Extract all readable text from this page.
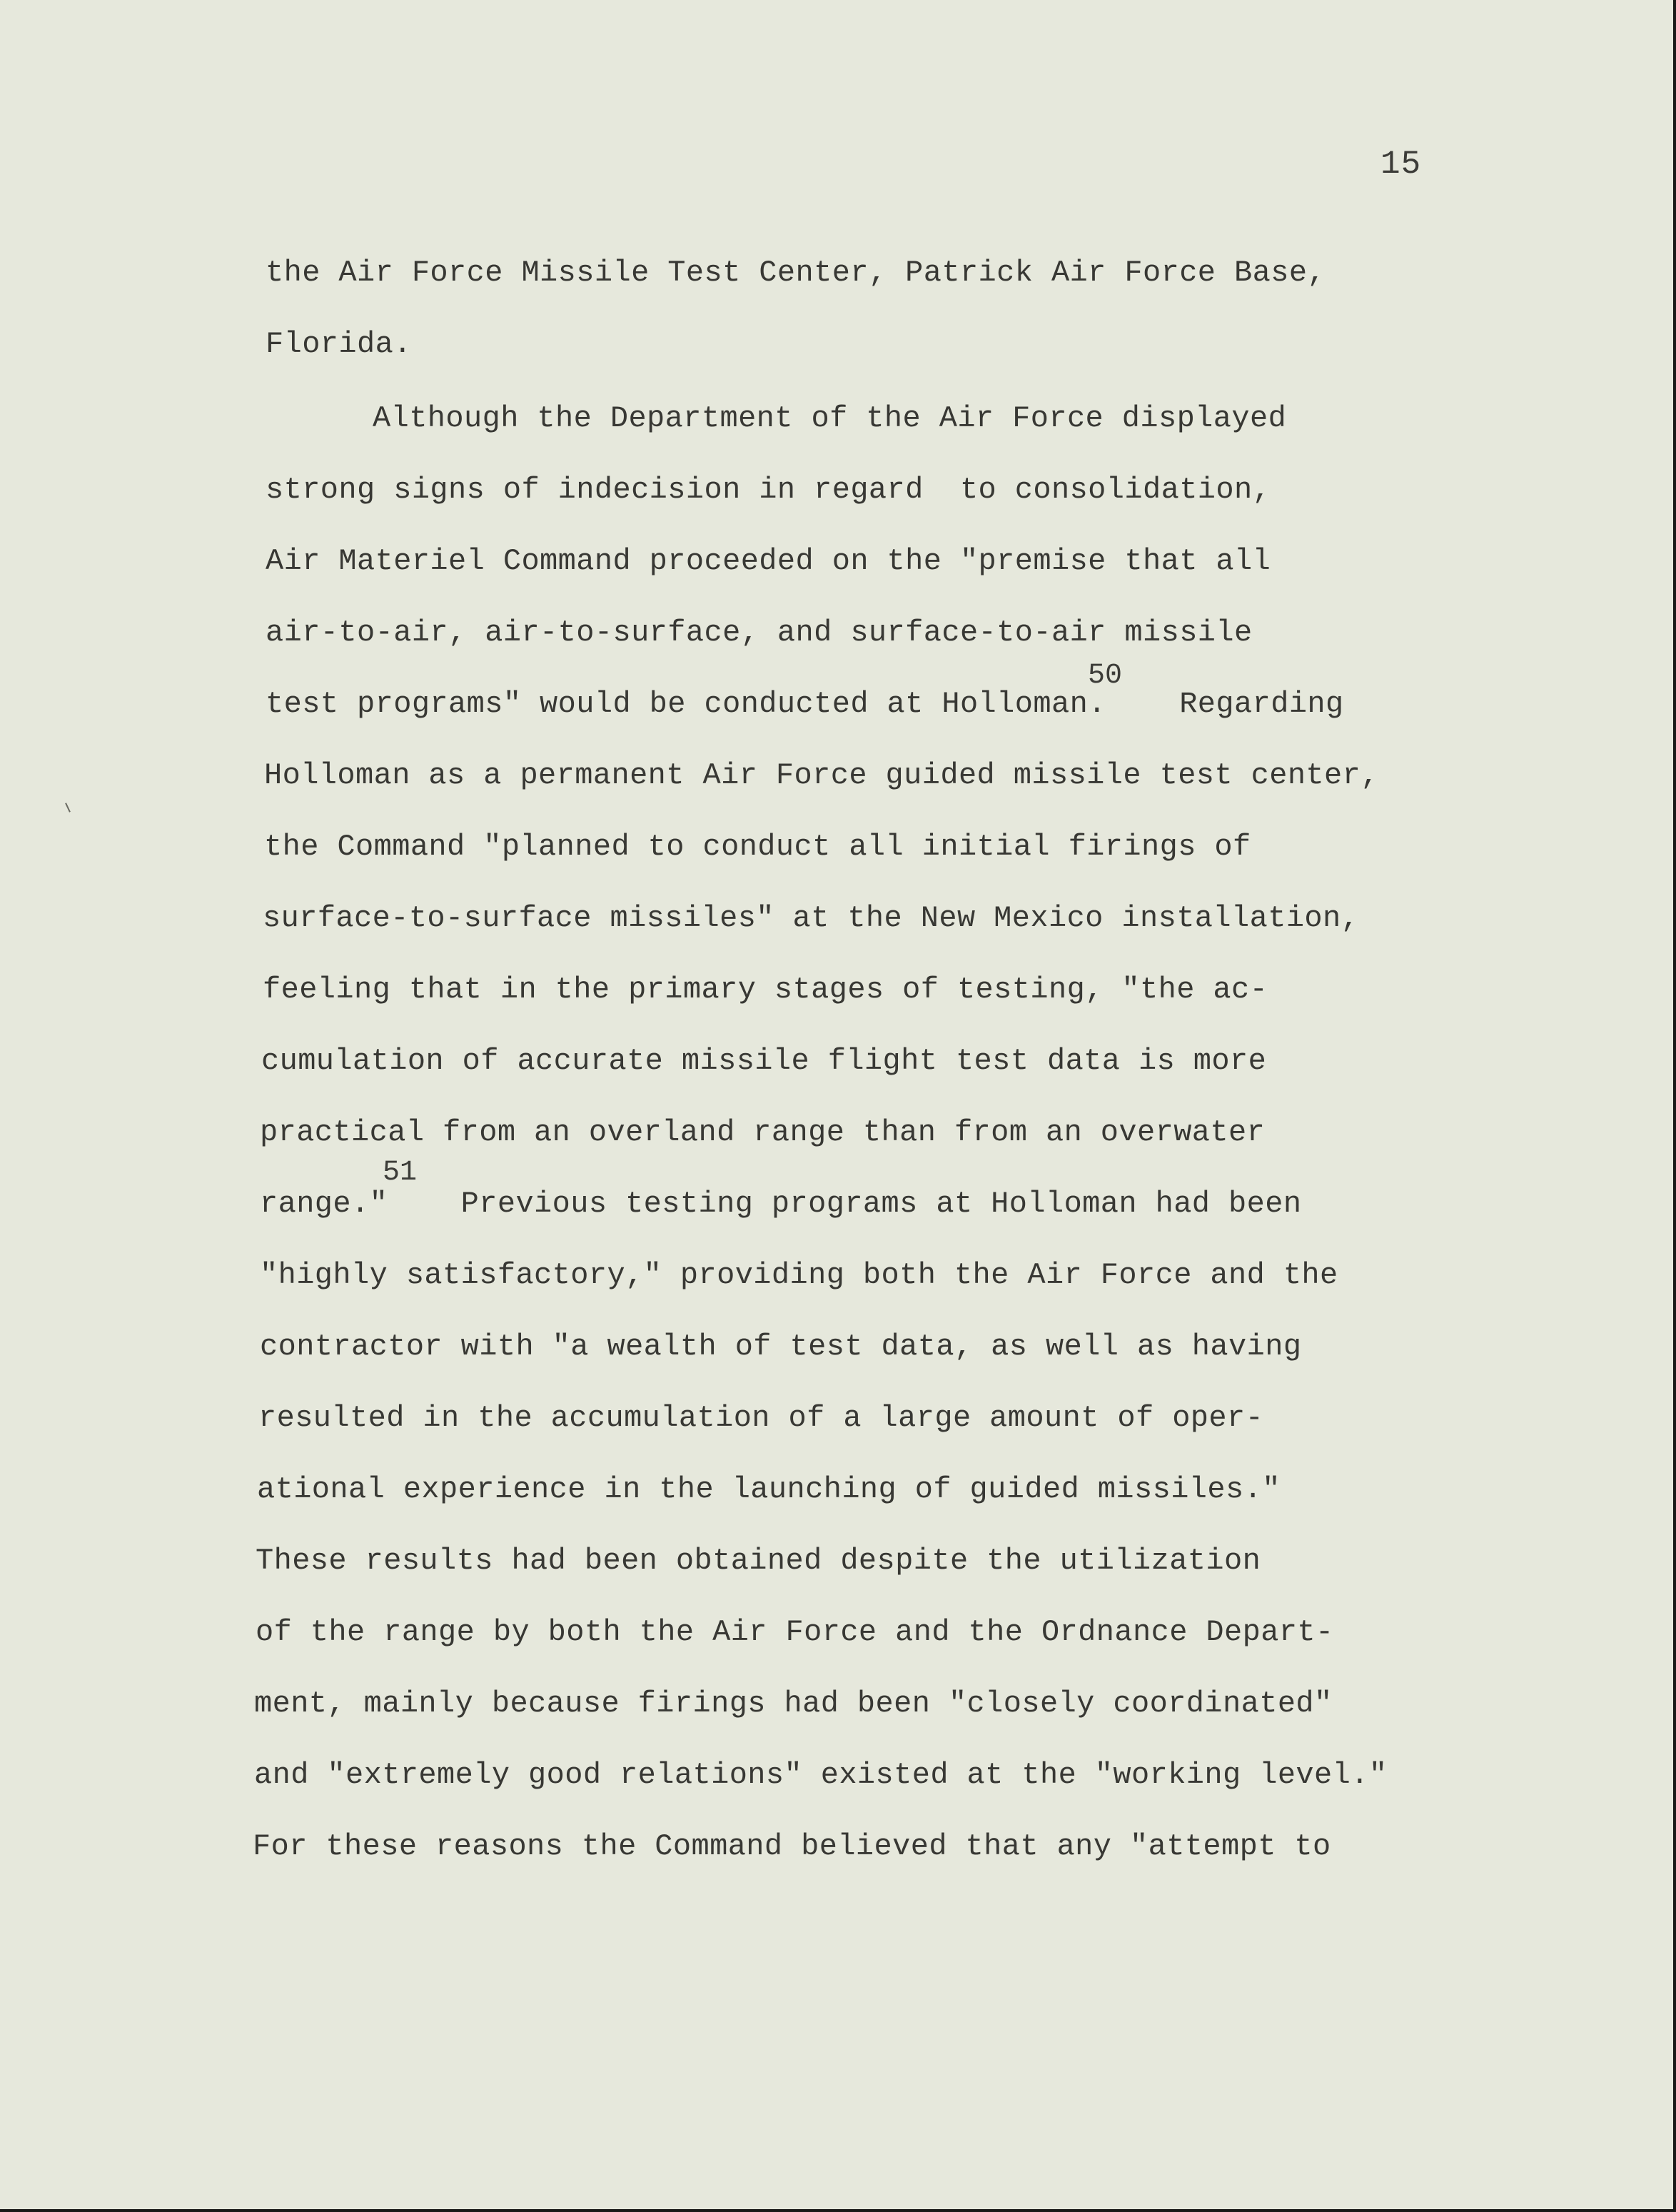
15
the Air Force Missile Test Center, Patrick Air Force Base,
Florida.
Although the Department of the Air Force displayed
strong signs of indecision in regard  to consolidation,
Air Materiel Command proceeded on the "premise that all
air-to-air, air-to-surface, and surface-to-air missile
50
test programs" would be conducted at Holloman.    Regarding
Holloman as a permanent Air Force guided missile test center,
the Command "planned to conduct all initial firings of
surface-to-surface missiles" at the New Mexico installation,
feeling that in the primary stages of testing, "the ac-
cumulation of accurate missile flight test data is more
practical from an overland range than from an overwater
51
range."    Previous testing programs at Holloman had been
"highly satisfactory," providing both the Air Force and the
contractor with "a wealth of test data, as well as having
resulted in the accumulation of a large amount of oper-
ational experience in the launching of guided missiles."
These results had been obtained despite the utilization
of the range by both the Air Force and the Ordnance Depart-
ment, mainly because firings had been "closely coordinated"
and "extremely good relations" existed at the "working level."
For these reasons the Command believed that any "attempt to
